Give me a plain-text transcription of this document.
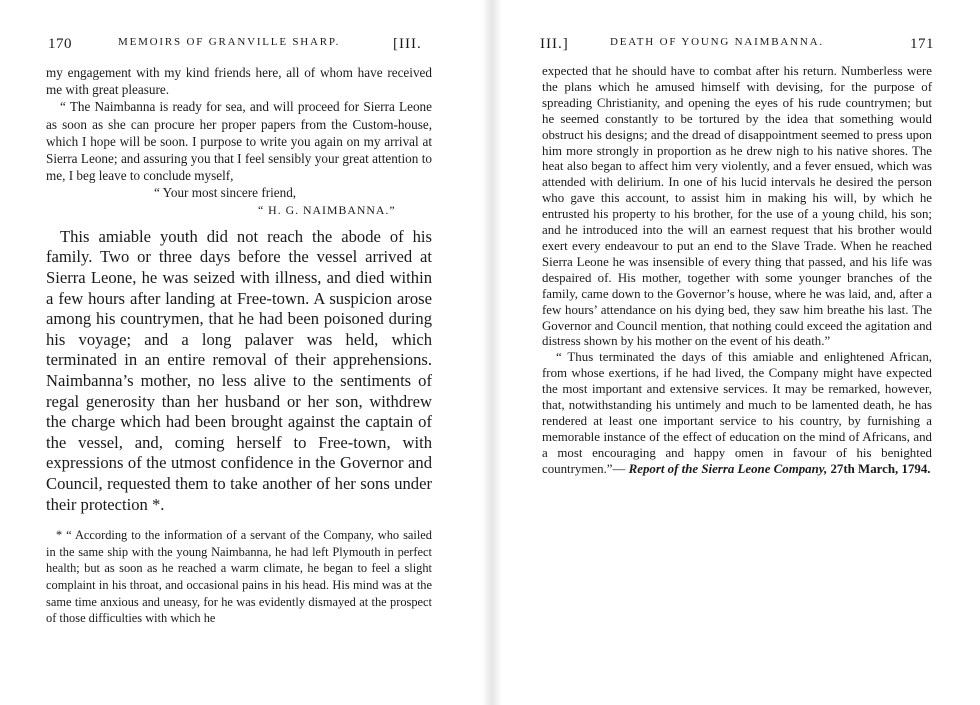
170	MEMOIRS OF GRANVILLE SHARP.	[III.

my engagement with my kind friends here, all of whom have received me with great pleasure.

“ The Naimbanna is ready for sea, and will proceed for Sierra Leone as soon as she can procure her proper papers from the Custom-house, which I hope will be soon. I purpose to write you again on my arrival at Sierra Leone; and assuring you that I feel sensibly your great attention to me, I beg leave to conclude myself,

“ Your most sincere friend,
“ H. G. NAIMBANNA.”

This amiable youth did not reach the abode of his family. Two or three days before the vessel arrived at Sierra Leone, he was seized with illness, and died within a few hours after landing at Free-town. A suspicion arose among his countrymen, that he had been poisoned during his voyage; and a long palaver was held, which terminated in an entire removal of their apprehensions. Naimbanna’s mother, no less alive to the sentiments of regal generosity than her husband or her son, withdrew the charge which had been brought against the captain of the vessel, and, coming herself to Free-town, with expressions of the utmost confidence in the Governor and Council, requested them to take another of her sons under their protection *.

* “ According to the information of a servant of the Company, who sailed in the same ship with the young Naimbanna, he had left Plymouth in perfect health; but as soon as he reached a warm climate, he began to feel a slight complaint in his throat, and occasional pains in his head. His mind was at the same time anxious and uneasy, for he was evidently dismayed at the prospect of those difficulties with which he

III.]	DEATH OF YOUNG NAIMBANNA.	171

expected that he should have to combat after his return. Numberless were the plans which he amused himself with devising, for the purpose of spreading Christianity, and opening the eyes of his rude countrymen; but he seemed constantly to be tortured by the idea that something would obstruct his designs; and the dread of disappointment seemed to press upon him more strongly in proportion as he drew nigh to his native shores. The heat also began to affect him very violently, and a fever ensued, which was attended with delirium. In one of his lucid intervals he desired the person who gave this account, to assist him in making his will, by which he entrusted his property to his brother, for the use of a young child, his son; and he introduced into the will an earnest request that his brother would exert every endeavour to put an end to the Slave Trade. When he reached Sierra Leone he was insensible of every thing that passed, and his life was despaired of. His mother, together with some younger branches of the family, came down to the Governor’s house, where he was laid, and, after a few hours’ attendance on his dying bed, they saw him breathe his last. The Governor and Council mention, that nothing could exceed the agitation and distress shown by his mother on the event of his death.”

“ Thus terminated the days of this amiable and enlightened African, from whose exertions, if he had lived, the Company might have expected the most important and extensive services. It may be remarked, however, that, notwithstanding his untimely and much to be lamented death, he has rendered at least one important service to his country, by furnishing a memorable instance of the effect of education on the mind of Africans, and a most encouraging and happy omen in favour of his benighted countrymen.”— Report of the Sierra Leone Company, 27th March, 1794.
